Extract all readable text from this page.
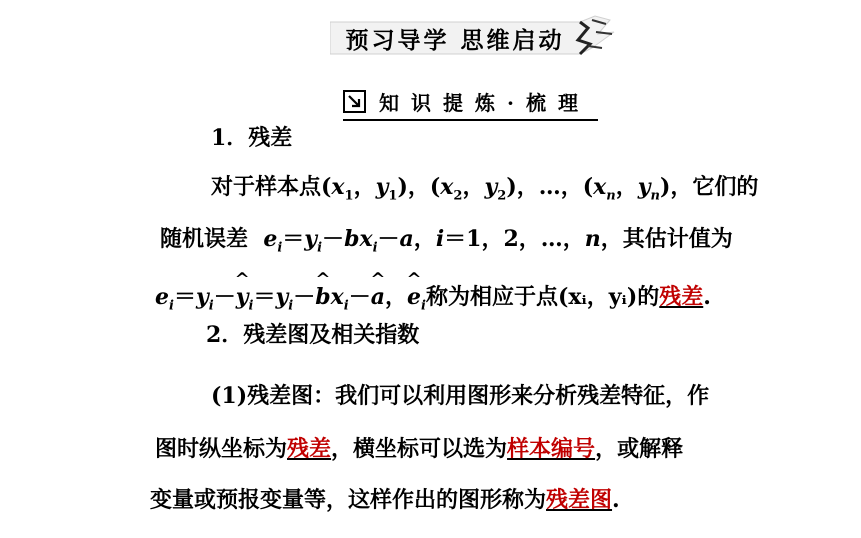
预习导学 思维启动
知识提炼·梳理
1．残差
对于样本点($x_1$，$y_1$)，($x_2$，$y_2$)，…，($x_n$，$y_n$)，它们的
随机误差  $e_i=y_i-bx_i-a$，i＝1，2，…，n，其估计值为
$e_i=y_i-\^{}$ $y_i=y_i-\^{}$ $bx_i-\^{}$ a，^ $e_i$称为相应于点(xᵢ，yᵢ)的残差.
2．残差图及相关指数
(1)残差图：我们可以利用图形来分析残差特征，作
图时纵坐标为残差，横坐标可以选为样本编号，或解释
变量或预报变量等，这样作出的图形称为残差图.
